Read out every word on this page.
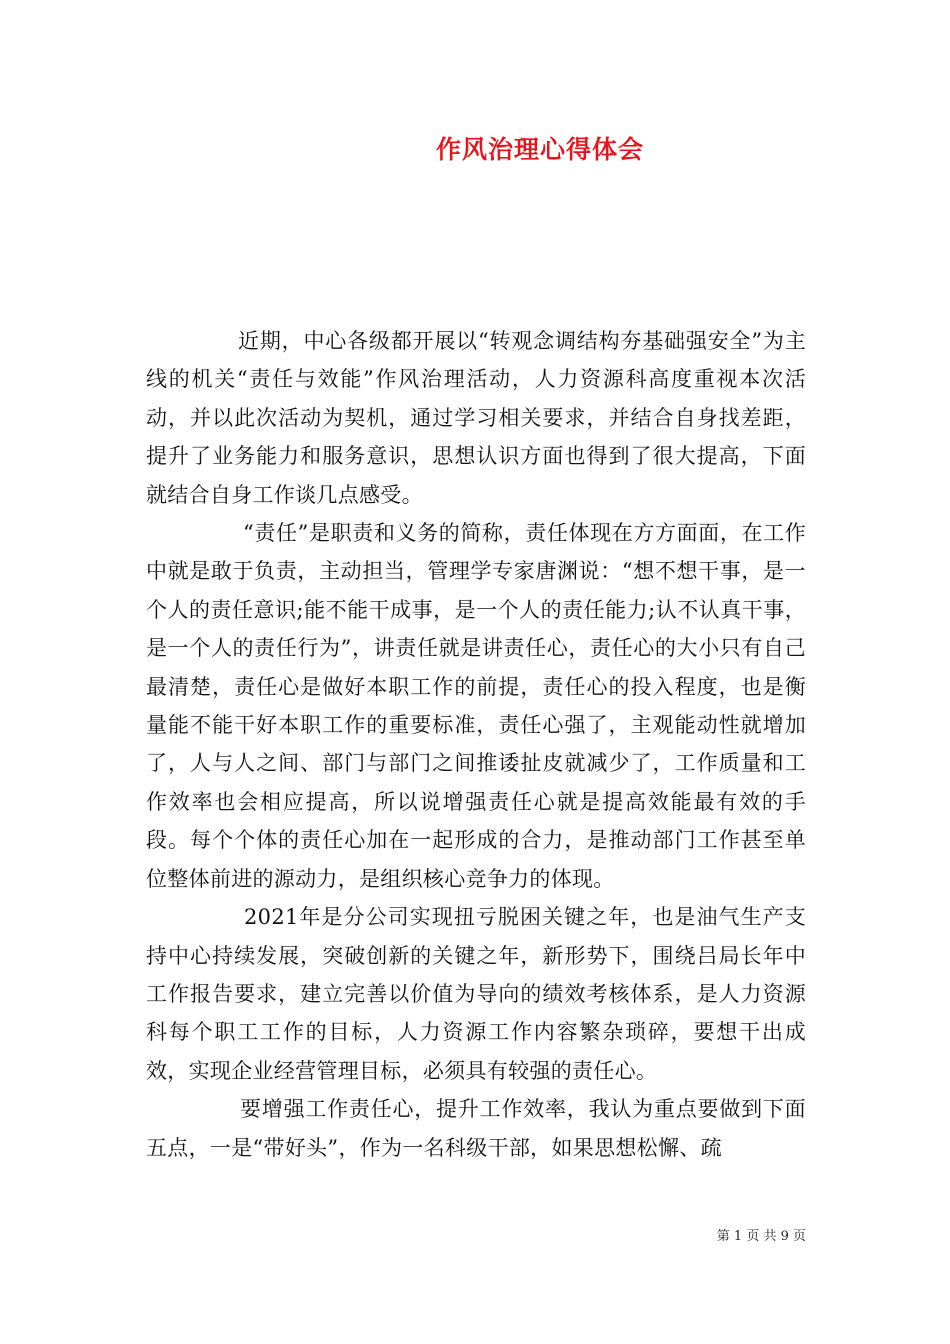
作风治理心得体会

近期，中心各级都开展以“转观念调结构夯基础强安全”为主线的机关“责任与效能”作风治理活动，人力资源科高度重视本次活动，并以此次活动为契机，通过学习相关要求，并结合自身找差距，提升了业务能力和服务意识，思想认识方面也得到了很大提高，下面就结合自身工作谈几点感受。

“责任”是职责和义务的简称，责任体现在方方面面，在工作中就是敢于负责，主动担当，管理学专家唐渊说：“想不想干事，是一个人的责任意识;能不能干成事，是一个人的责任能力;认不认真干事，是一个人的责任行为”，讲责任就是讲责任心，责任心的大小只有自己最清楚，责任心是做好本职工作的前提，责任心的投入程度，也是衡量能不能干好本职工作的重要标准，责任心强了，主观能动性就增加了，人与人之间、部门与部门之间推诿扯皮就减少了，工作质量和工作效率也会相应提高，所以说增强责任心就是提高效能最有效的手段。每个个体的责任心加在一起形成的合力，是推动部门工作甚至单位整体前进的源动力，是组织核心竞争力的体现。

2021年是分公司实现扭亏脱困关键之年，也是油气生产支持中心持续发展，突破创新的关键之年，新形势下，围绕吕局长年中工作报告要求，建立完善以价值为导向的绩效考核体系，是人力资源科每个职工工作的目标，人力资源工作内容繁杂琐碎，要想干出成效，实现企业经营管理目标，必须具有较强的责任心。

要增强工作责任心，提升工作效率，我认为重点要做到下面五点，一是“带好头”，作为一名科级干部，如果思想松懈、疏

第 1 页 共 9 页
